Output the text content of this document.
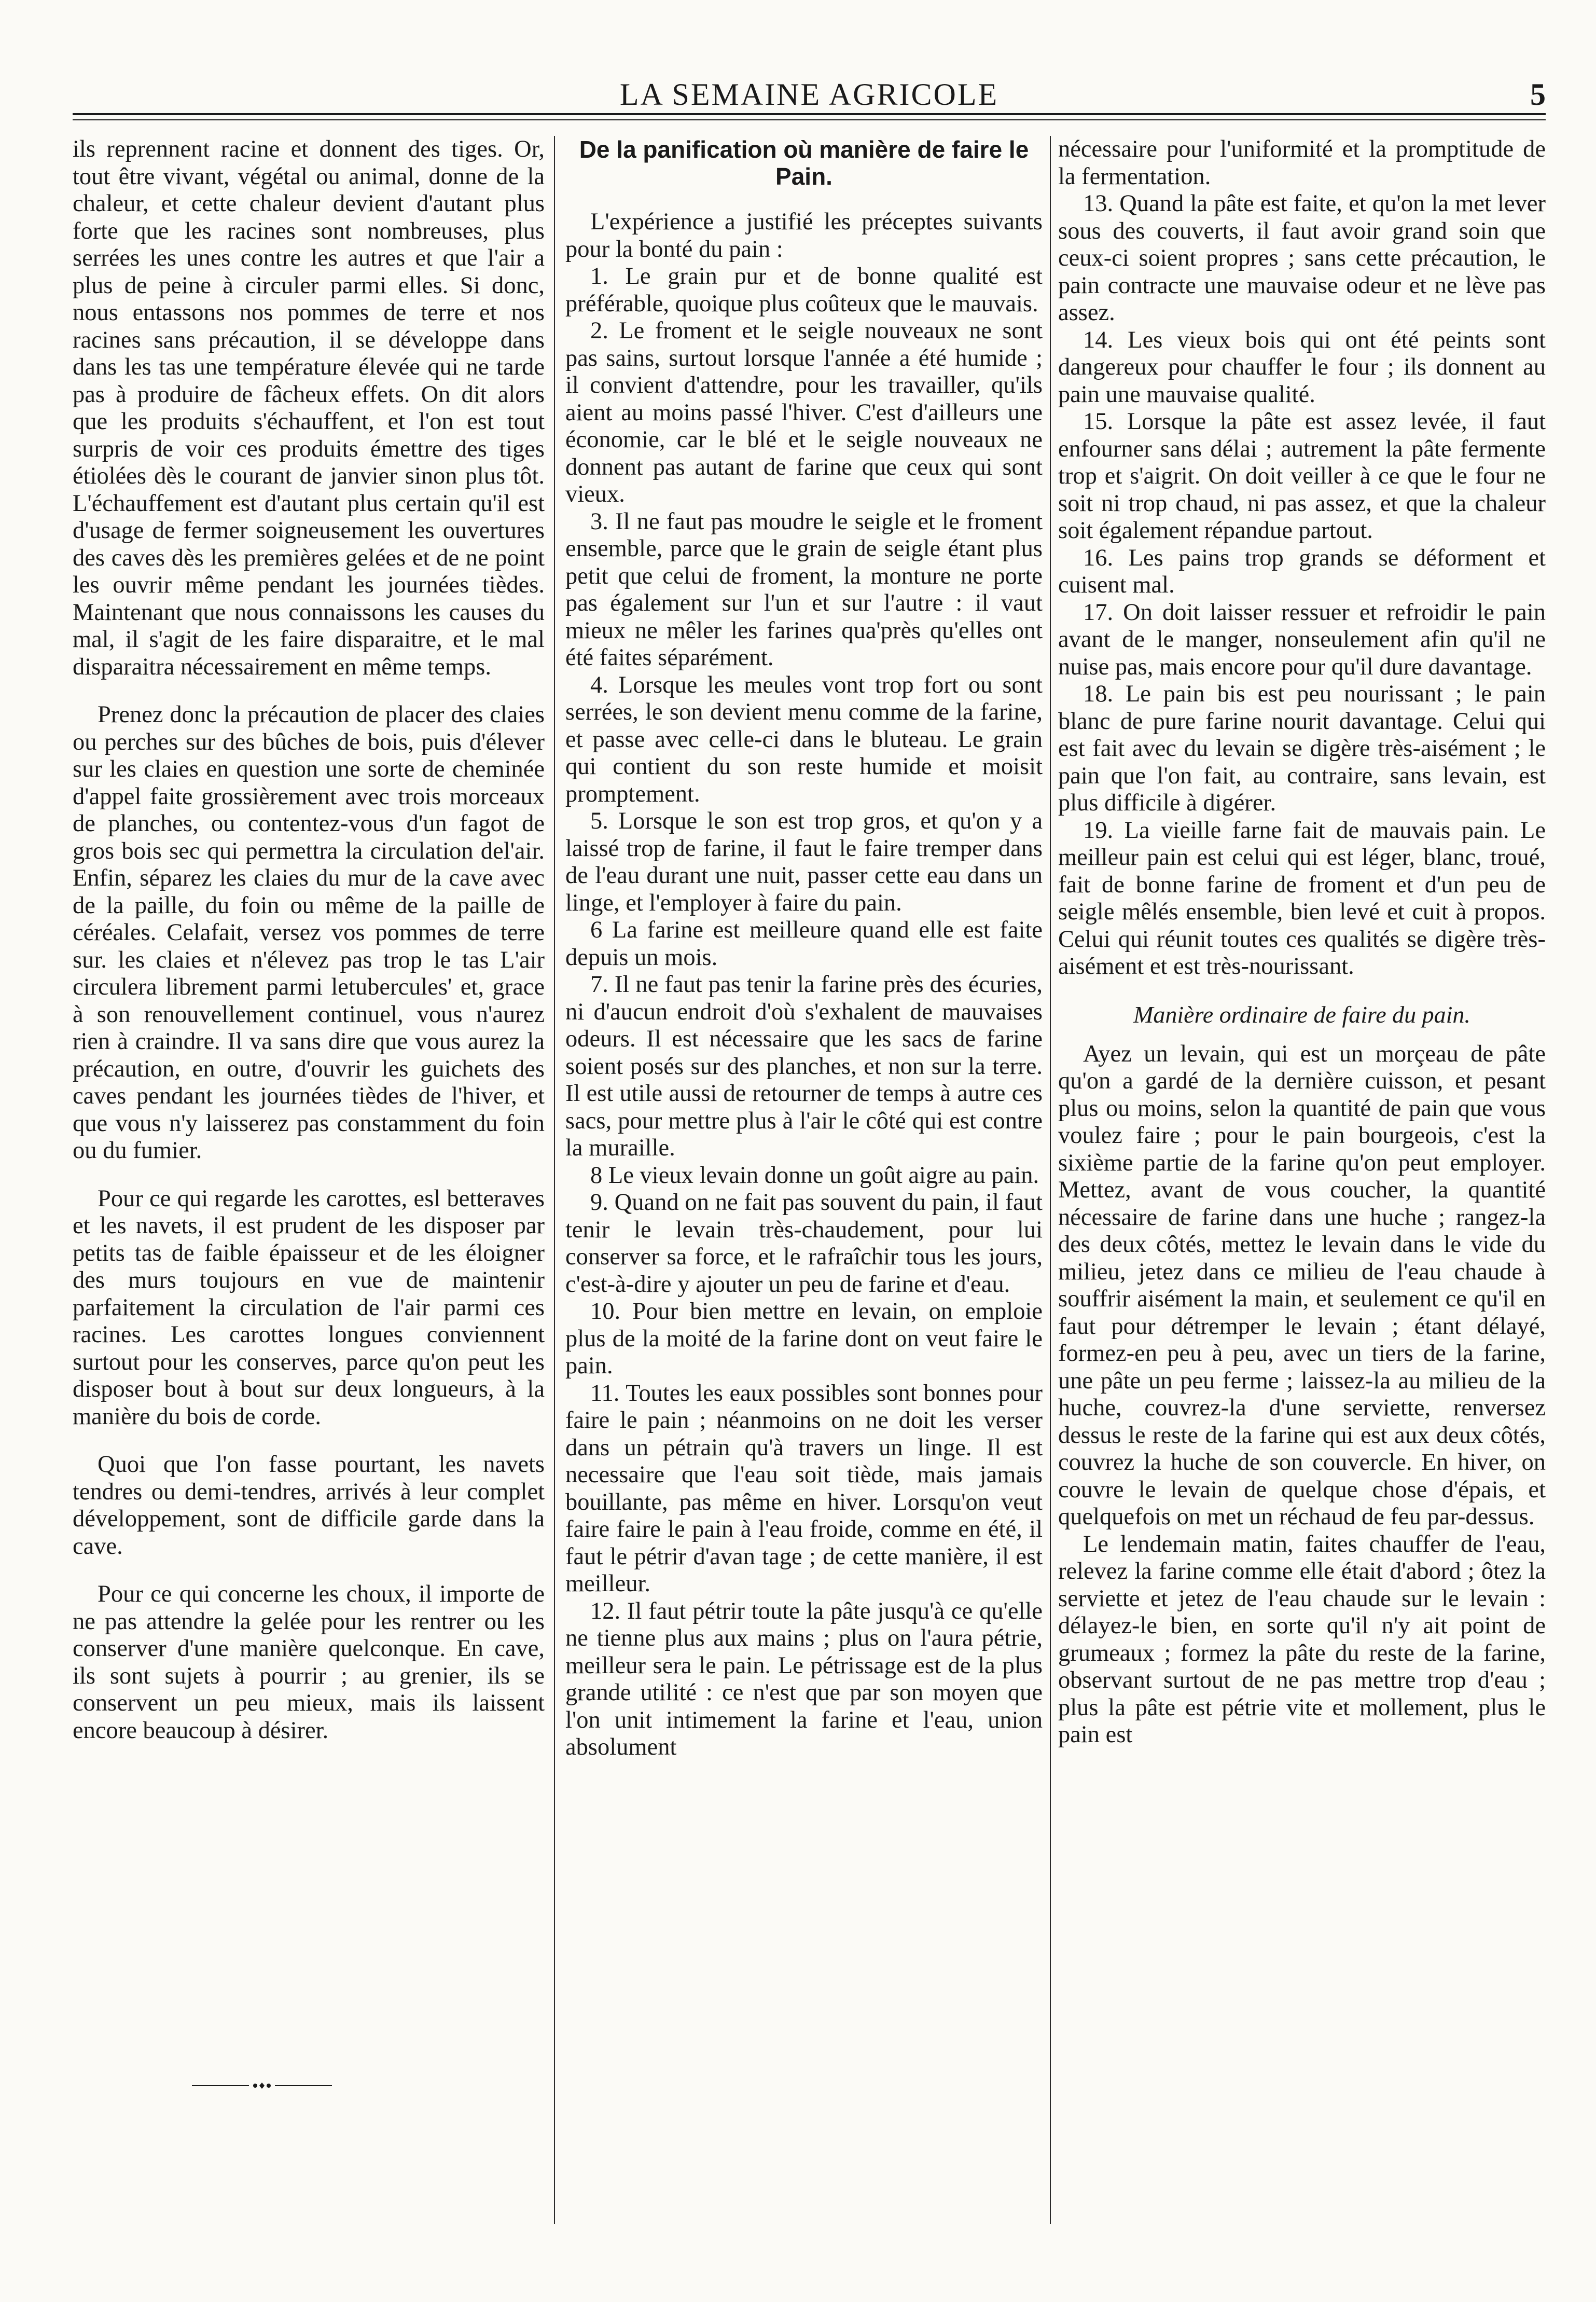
LA SEMAINE AGRICOLE	5

ils reprennent racine et donnent des tiges. Or, tout être vivant, végétal ou animal, donne de la chaleur, et cette chaleur devient d'autant plus forte que les racines sont nombreuses, plus serrées les unes contre les autres et que l'air a plus de peine à circuler parmi elles. Si donc, nous entassons nos pommes de terre et nos racines sans précaution, il se développe dans dans les tas une température élevée qui ne tarde pas à produire de fâcheux effets. On dit alors que les produits s'échauffent, et l'on est tout surpris de voir ces produits émettre des tiges étiolées dès le courant de janvier sinon plus tôt. L'échauffement est d'autant plus certain qu'il est d'usage de fermer soigneusement les ouvertures des caves dès les premières gelées et de ne point les ouvrir même pendant les journées tièdes. Maintenant que nous connaissons les causes du mal, il s'agit de les faire disparaitre, et le mal disparaitra nécessairement en même temps.

Prenez donc la précaution de placer des claies ou perches sur des bûches de bois, puis d'élever sur les claies en question une sorte de cheminée d'appel faite grossièrement avec trois morceaux de planches, ou contentez-vous d'un fagot de gros bois sec qui permettra la circulation del'air. Enfin, séparez les claies du mur de la cave avec de la paille, du foin ou même de la paille de céréales. Celafait, versez vos pommes de terre sur. les claies et n'élevez pas trop le tas L'air circulera librement parmi letubercules' et, grace à son renouvellement continuel, vous n'aurez rien à craindre. Il va sans dire que vous aurez la précaution, en outre, d'ouvrir les guichets des caves pendant les journées tièdes de l'hiver, et que vous n'y laisserez pas constamment du foin ou du fumier.

Pour ce qui regarde les carottes, esl betteraves et les navets, il est prudent de les disposer par petits tas de faible épaisseur et de les éloigner des murs toujours en vue de maintenir parfaitement la circulation de l'air parmi ces racines. Les carottes longues conviennent surtout pour les conserves, parce qu'on peut les disposer bout à bout sur deux longueurs, à la manière du bois de corde.

Quoi que l'on fasse pourtant, les navets tendres ou demi-tendres, arrivés à leur complet développement, sont de difficile garde dans la cave.

Pour ce qui concerne les choux, il importe de ne pas attendre la gelée pour les rentrer ou les conserver d'une manière quelconque. En cave, ils sont sujets à pourrir ; au grenier, ils se conservent un peu mieux, mais ils laissent encore beaucoup à désirer.

De la panification où manière de faire le Pain.

L'expérience a justifié les préceptes suivants pour la bonté du pain :

1. Le grain pur et de bonne qualité est préférable, quoique plus coûteux que le mauvais.

2. Le froment et le seigle nouveaux ne sont pas sains, surtout lorsque l'année a été humide ; il convient d'attendre, pour les travailler, qu'ils aient au moins passé l'hiver. C'est d'ailleurs une économie, car le blé et le seigle nouveaux ne donnent pas autant de farine que ceux qui sont vieux.

3. Il ne faut pas moudre le seigle et le froment ensemble, parce que le grain de seigle étant plus petit que celui de froment, la monture ne porte pas également sur l'un et sur l'autre : il vaut mieux ne mêler les farines qua'près qu'elles ont été faites séparément.

4. Lorsque les meules vont trop fort ou sont serrées, le son devient menu comme de la farine, et passe avec celle-ci dans le bluteau. Le grain qui contient du son reste humide et moisit promptement.

5. Lorsque le son est trop gros, et qu'on y a laissé trop de farine, il faut le faire tremper dans de l'eau durant une nuit, passer cette eau dans un linge, et l'employer à faire du pain.

6 La farine est meilleure quand elle est faite depuis un mois.

7. Il ne faut pas tenir la farine près des écuries, ni d'aucun endroit d'où s'exhalent de mauvaises odeurs. Il est nécessaire que les sacs de farine soient posés sur des planches, et non sur la terre. Il est utile aussi de retourner de temps à autre ces sacs, pour mettre plus à l'air le côté qui est contre la muraille.

8 Le vieux levain donne un goût aigre au pain.

9. Quand on ne fait pas souvent du pain, il faut tenir le levain très-chaudement, pour lui conserver sa force, et le rafraîchir tous les jours, c'est-à-dire y ajouter un peu de farine et d'eau.

10. Pour bien mettre en levain, on emploie plus de la moité de la farine dont on veut faire le pain.

11. Toutes les eaux possibles sont bonnes pour faire le pain ; néanmoins on ne doit les verser dans un pétrain qu'à travers un linge. Il est necessaire que l'eau soit tiède, mais jamais bouillante, pas même en hiver. Lorsqu'on veut faire faire le pain à l'eau froide, comme en été, il faut le pétrir d'avan tage ; de cette manière, il est meilleur.

12. Il faut pétrir toute la pâte jusqu'à ce qu'elle ne tienne plus aux mains ; plus on l'aura pétrie, meilleur sera le pain. Le pétrissage est de la plus grande utilité : ce n'est que par son moyen que l'on unit intimement la farine et l'eau, union absolument

nécessaire pour l'uniformité et la promptitude de la fermentation.

13. Quand la pâte est faite, et qu'on la met lever sous des couverts, il faut avoir grand soin que ceux-ci soient propres ; sans cette précaution, le pain contracte une mauvaise odeur et ne lève pas assez.

14. Les vieux bois qui ont été peints sont dangereux pour chauffer le four ; ils donnent au pain une mauvaise qualité.

15. Lorsque la pâte est assez levée, il faut enfourner sans délai ; autrement la pâte fermente trop et s'aigrit. On doit veiller à ce que le four ne soit ni trop chaud, ni pas assez, et que la chaleur soit également répandue partout.

16. Les pains trop grands se déforment et cuisent mal.

17. On doit laisser ressuer et refroidir le pain avant de le manger, nonseulement afin qu'il ne nuise pas, mais encore pour qu'il dure davantage.

18. Le pain bis est peu nourissant ; le pain blanc de pure farine nourit davantage. Celui qui est fait avec du levain se digère très-aisément ; le pain que l'on fait, au contraire, sans levain, est plus difficile à digérer.

19. La vieille farne fait de mauvais pain. Le meilleur pain est celui qui est léger, blanc, troué, fait de bonne farine de froment et d'un peu de seigle mêlés ensemble, bien levé et cuit à propos. Celui qui réunit toutes ces qualités se digère très-aisément et est très-nourissant.

Manière ordinaire de faire du pain.

Ayez un levain, qui est un morçeau de pâte qu'on a gardé de la dernière cuisson, et pesant plus ou moins, selon la quantité de pain que vous voulez faire ; pour le pain bourgeois, c'est la sixième partie de la farine qu'on peut employer. Mettez, avant de vous coucher, la quantité nécessaire de farine dans une huche ; rangez-la des deux côtés, mettez le levain dans le vide du milieu, jetez dans ce milieu de l'eau chaude à souffrir aisément la main, et seulement ce qu'il en faut pour détremper le levain ; étant délayé, formez-en peu à peu, avec un tiers de la farine, une pâte un peu ferme ; laissez-la au milieu de la huche, couvrez-la d'une serviette, renversez dessus le reste de la farine qui est aux deux côtés, couvrez la huche de son couvercle. En hiver, on couvre le levain de quelque chose d'épais, et quelquefois on met un réchaud de feu par-dessus.

Le lendemain matin, faites chauffer de l'eau, relevez la farine comme elle était d'abord ; ôtez la serviette et jetez de l'eau chaude sur le levain : délayez-le bien, en sorte qu'il n'y ait point de grumeaux ; formez la pâte du reste de la farine, observant surtout de ne pas mettre trop d'eau ; plus la pâte est pétrie vite et mollement, plus le pain est
